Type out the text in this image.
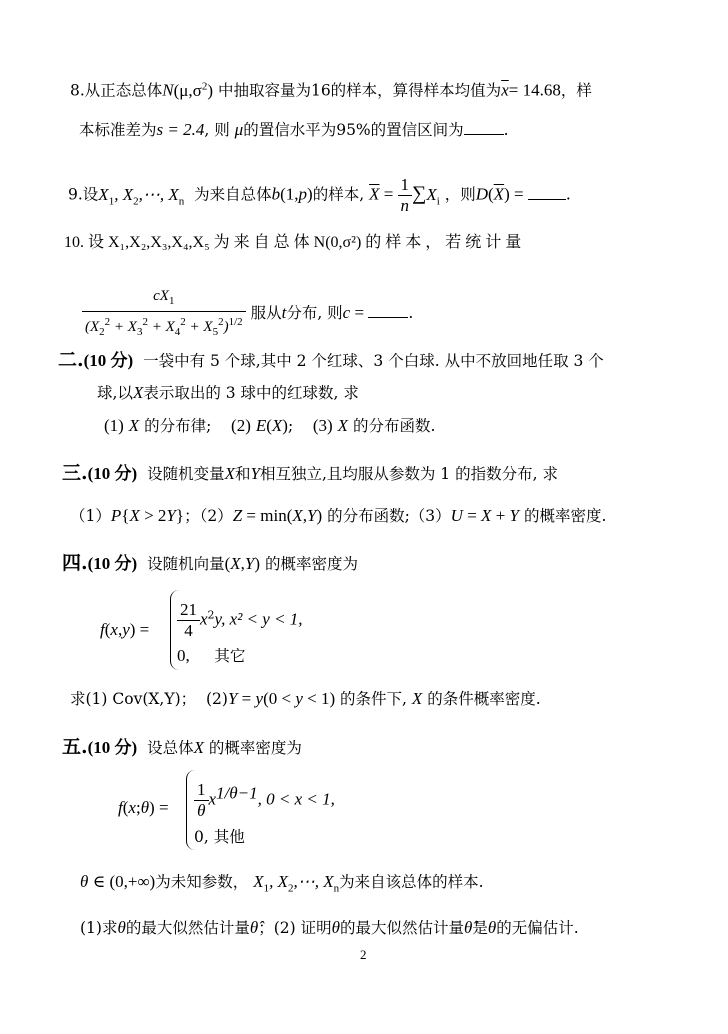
8.从正态总体$N(\mu,\sigma^2)$ 中抽取容量为16的样本，算得样本均值为$\overline{x}= 14.68$，样
本标准差为s = 2.4, 则 μ的置信水平为95%的置信区间为	.
9.设$X_1$, $X_2,\cdots$, $X_n$ 为来自总体b(1,p)的样本, $\overline{X} = \frac{1}{n} \sum X_i$ ，则$D(\overline{X})$ = .
10. 设 X₁,X₂,X₃,X₄,X₅ 为 来 自 总 体 N(0,σ²) 的 样 本 ， 若 统 计 量
$\frac{cX_1}{(X_2^2 + X_3^2 + X_4^2 + X_5^2)^{1/2}}$ 服从t分布, 则c =	.
二.(10 分) 一袋中有 5 个球,其中 2 个红球、3 个白球. 从中不放回地任取 3 个
球,以X表示取出的 3 球中的红球数, 求
(1) X 的分布律; (2) E(X); (3) X 的分布函数.
三.(10 分) 设随机变量X和Y相互独立,且均服从参数为 1 的指数分布, 求
（1）P{X > 2Y}；（2）Z = min(X,Y) 的分布函数;（3）U = X + Y 的概率密度.
四.(10 分) 设随机向量(X,Y) 的概率密度为
$f(x,y) = \frac{21}{4} x^2y$, x² < y < 1,
0, 其它
求(1) Cov(X,Y)； (2)Y = y(0 < y < 1) 的条件下, X 的条件概率密度.
五.(10 分) 设总体X 的概率密度为
f(x;θ) = $\frac{1}{\theta} x^{1/\theta-1}$, 0 < x < 1,
0, 其他
θ ∈ (0,+∞)为未知参数， $X_1$, $X_2,\cdots$, $X_n$为来自该总体的样本.
(1)求θ的最大似然估计量θ̂；(2) 证明θ的最大似然估计量θ̂是θ的无偏估计.
2
